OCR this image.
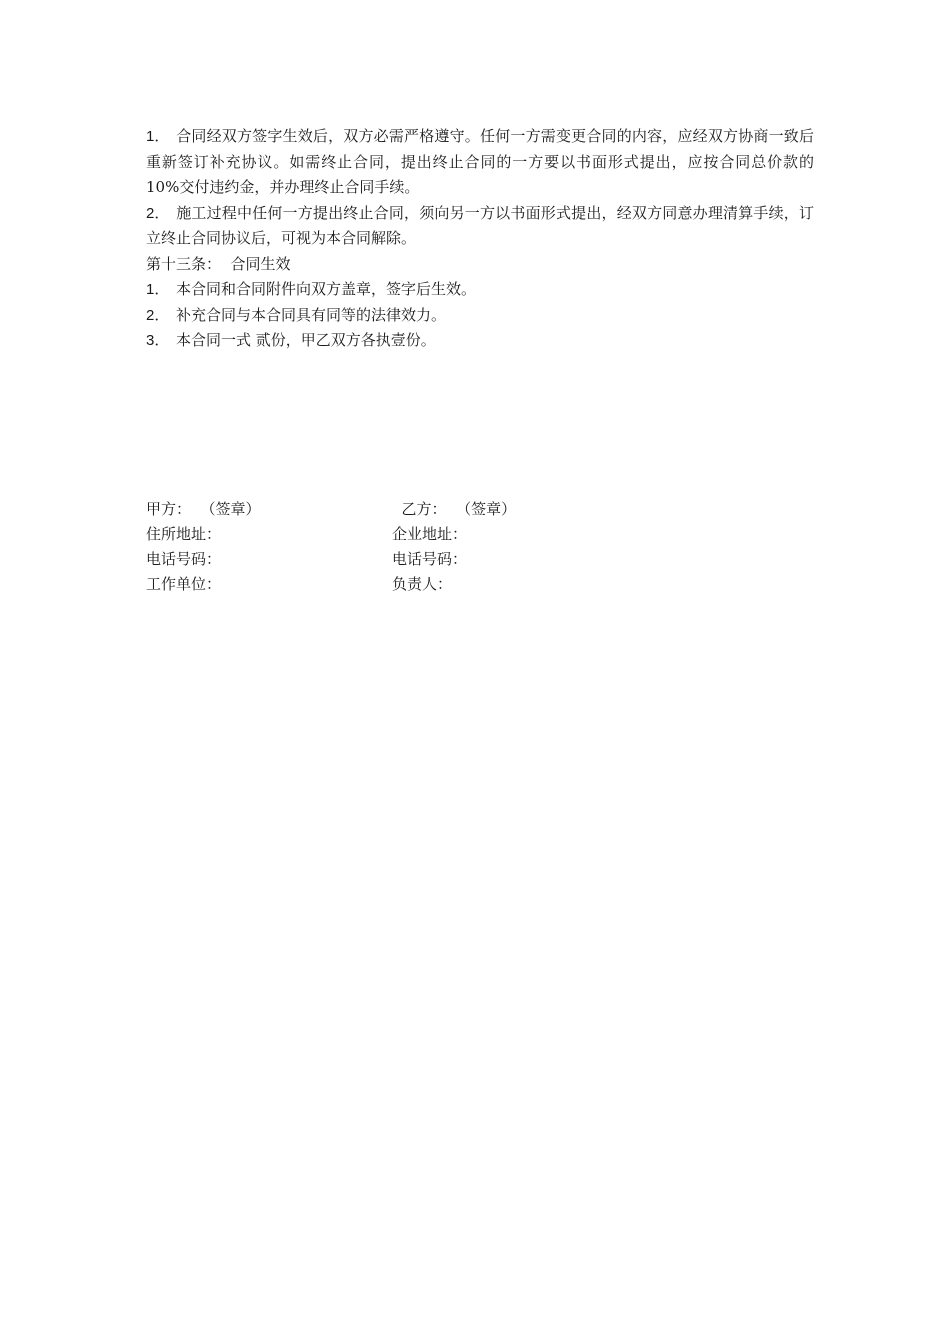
1． 合同经双方签字生效后，双方必需严格遵守。任何一方需变更合同的内容，应经双方协商一致后重新签订补充协议。如需终止合同，提出终止合同的一方要以书面形式提出，应按合同总价款的 10%交付违约金，并办理终止合同手续。

2． 施工过程中任何一方提出终止合同，须向另一方以书面形式提出，经双方同意办理清算手续，订立终止合同协议后，可视为本合同解除。

第十三条：  合同生效

1． 本合同和合同附件向双方盖章，签字后生效。

2． 补充合同与本合同具有同等的法律效力。

3． 本合同一式 贰份，甲乙双方各执壹份。

甲方：  （签章）	乙方：  （签章）
住所地址：	企业地址：
电话号码：	电话号码：
工作单位：	负责人：
